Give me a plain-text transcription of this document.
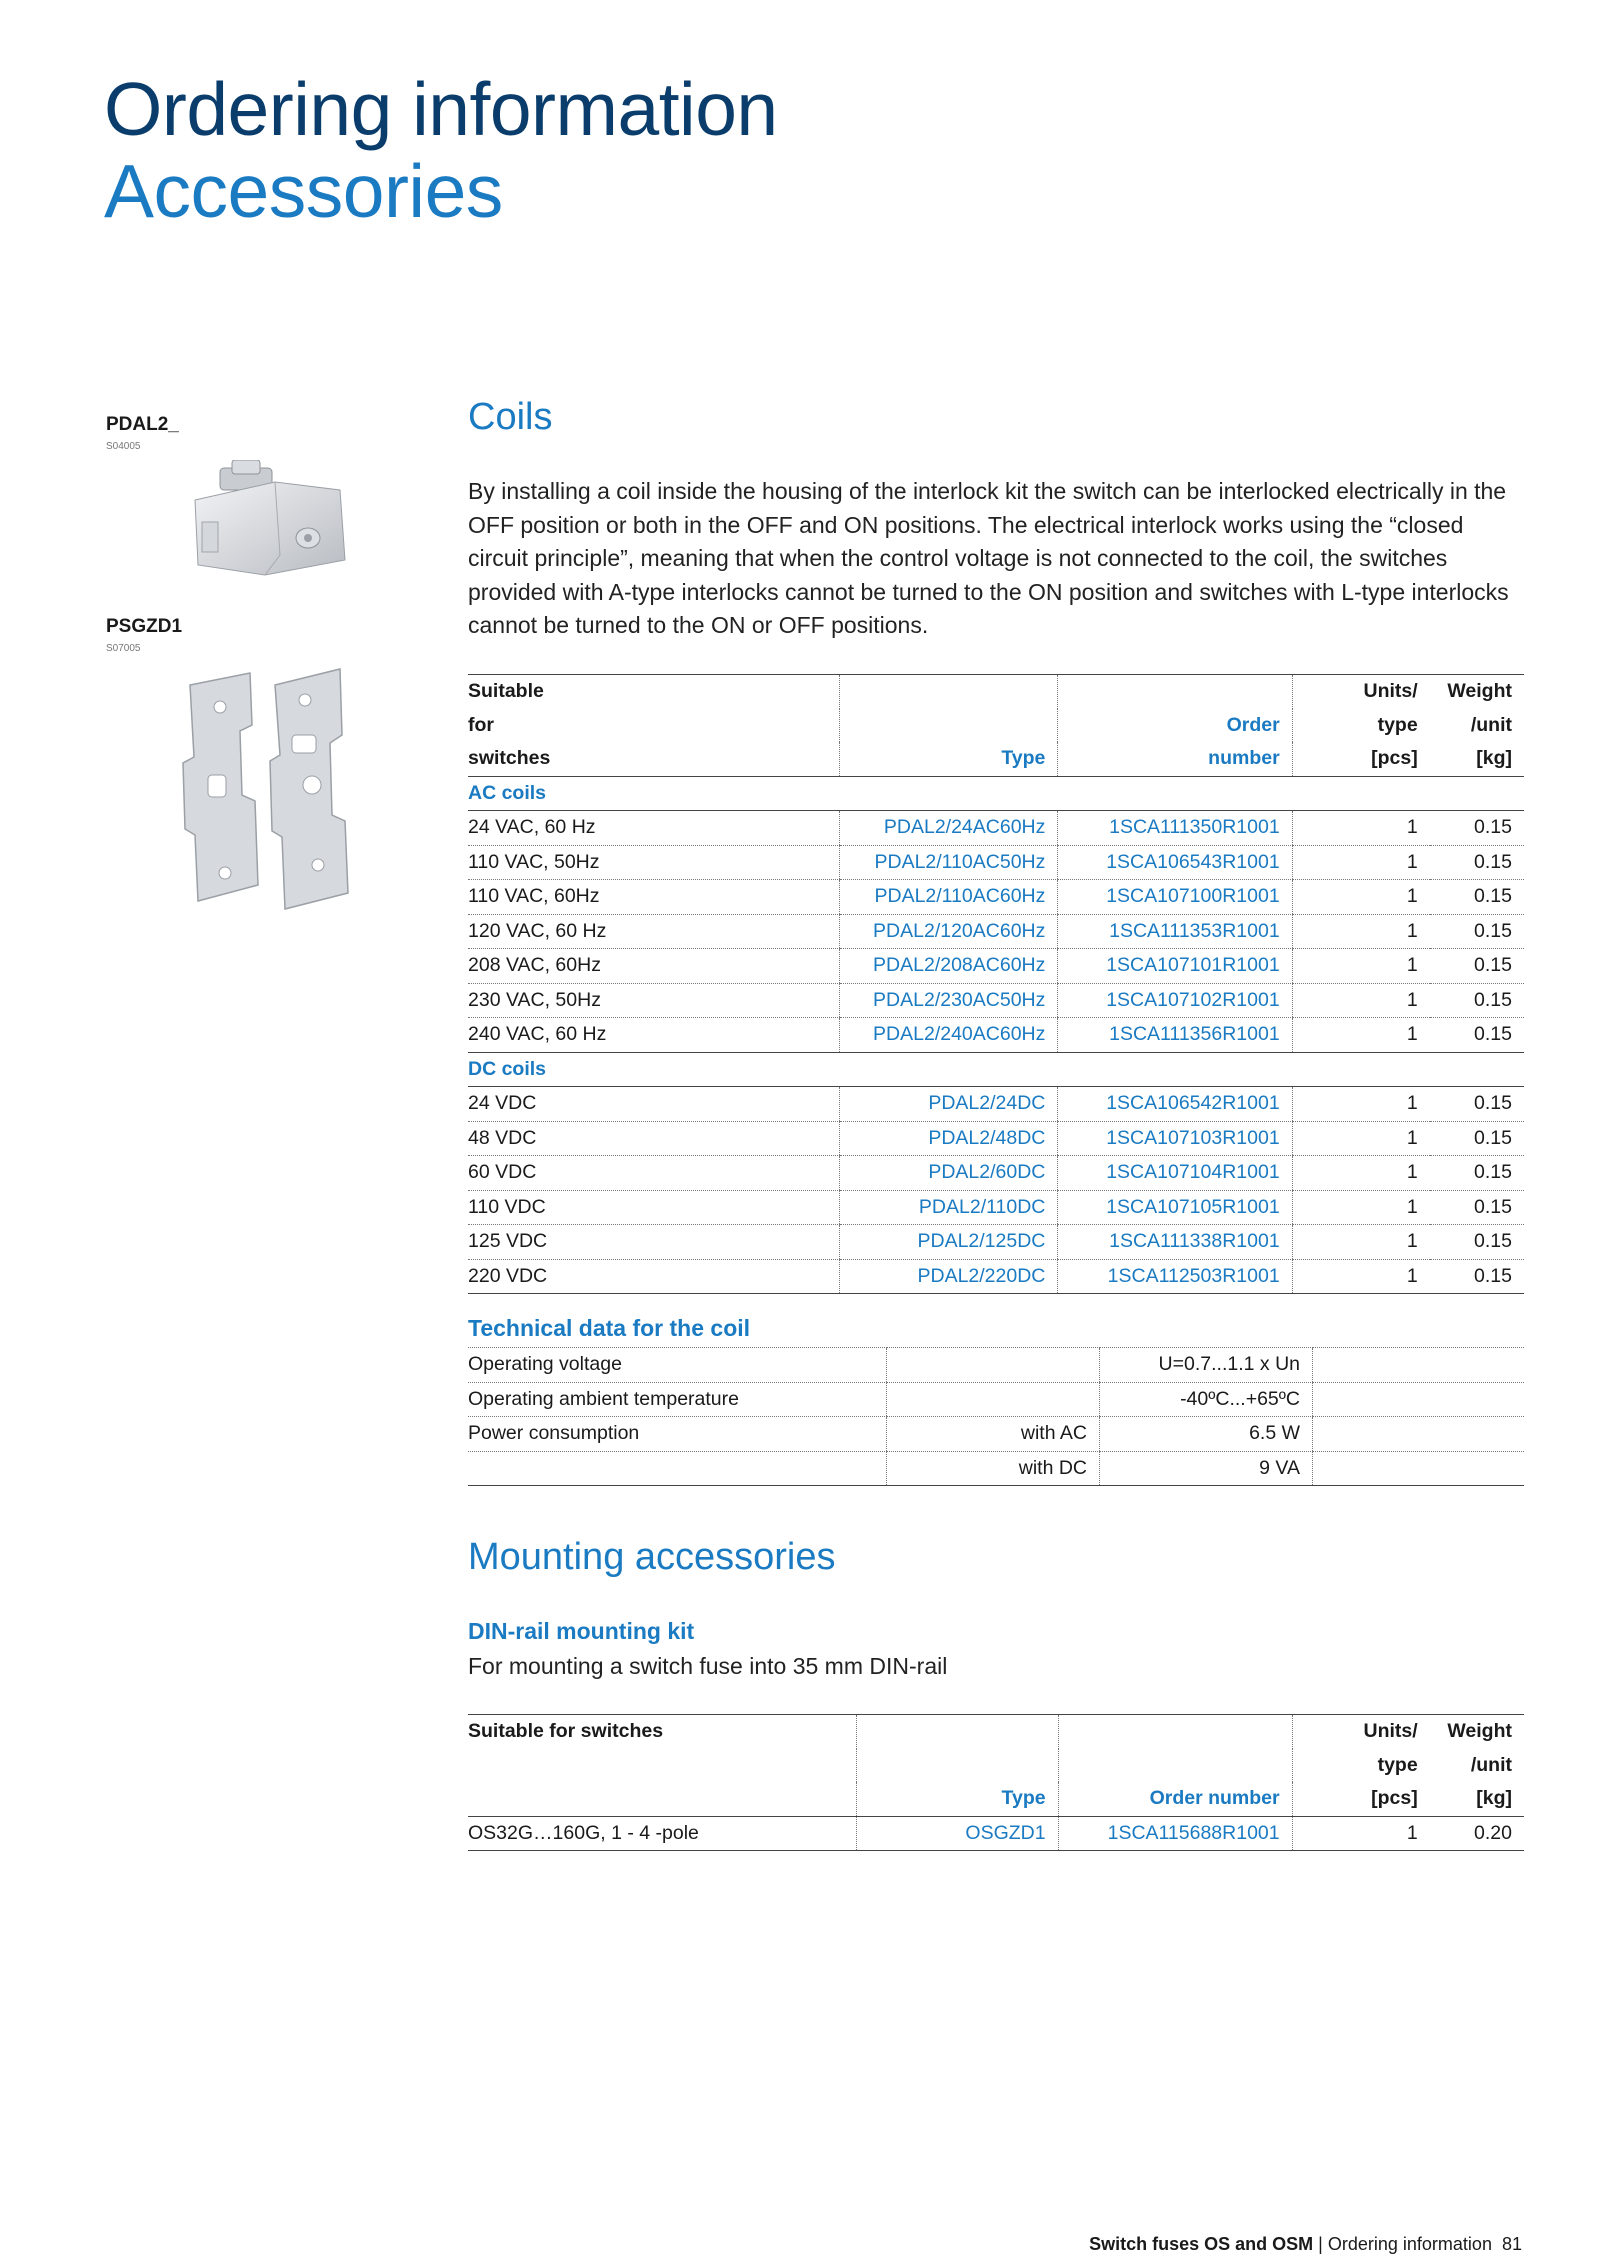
Ordering information
Accessories
PDAL2_
S04005
PSGZD1
S07005
Coils

By installing a coil inside the housing of the interlock kit the switch can be interlocked electrically in the OFF position or both in the OFF and ON positions. The electrical interlock works using the “closed circuit principle”, meaning that when the control voltage is not connected to the coil, the switches provided with A-type interlocks cannot be turned to the ON position and switches with L-type interlocks cannot be turned to the ON or OFF positions.

Suitable			Units/	Weight
for		Order	type	/unit
switches	Type	number	[pcs]	[kg]
AC coils				
24 VAC, 60 Hz	PDAL2/24AC60Hz	1SCA111350R1001	1	0.15
110 VAC, 50Hz	PDAL2/110AC50Hz	1SCA106543R1001	1	0.15
110 VAC, 60Hz	PDAL2/110AC60Hz	1SCA107100R1001	1	0.15
120 VAC, 60 Hz	PDAL2/120AC60Hz	1SCA111353R1001	1	0.15
208 VAC, 60Hz	PDAL2/208AC60Hz	1SCA107101R1001	1	0.15
230 VAC, 50Hz	PDAL2/230AC50Hz	1SCA107102R1001	1	0.15
240 VAC, 60 Hz	PDAL2/240AC60Hz	1SCA111356R1001	1	0.15
DC coils				
24 VDC	PDAL2/24DC	1SCA106542R1001	1	0.15
48 VDC	PDAL2/48DC	1SCA107103R1001	1	0.15
60 VDC	PDAL2/60DC	1SCA107104R1001	1	0.15
110 VDC	PDAL2/110DC	1SCA107105R1001	1	0.15
125 VDC	PDAL2/125DC	1SCA111338R1001	1	0.15
220 VDC	PDAL2/220DC	1SCA112503R1001	1	0.15
Technical data for the coil
Operating voltage		U=0.7...1.1 x Un	
Operating ambient temperature		-40ºC...+65ºC	
Power consumption	with AC	6.5 W	
	with DC	9 VA	
Mounting accessories
DIN-rail mounting kit

For mounting a switch fuse into 35 mm DIN-rail

Suitable for switches			Units/	Weight
			type	/unit
	Type	Order number	[pcs]	[kg]
OS32G…160G, 1 - 4 -pole	OSGZD1	1SCA115688R1001	1	0.20
Switch fuses OS and OSM | Ordering information 81
